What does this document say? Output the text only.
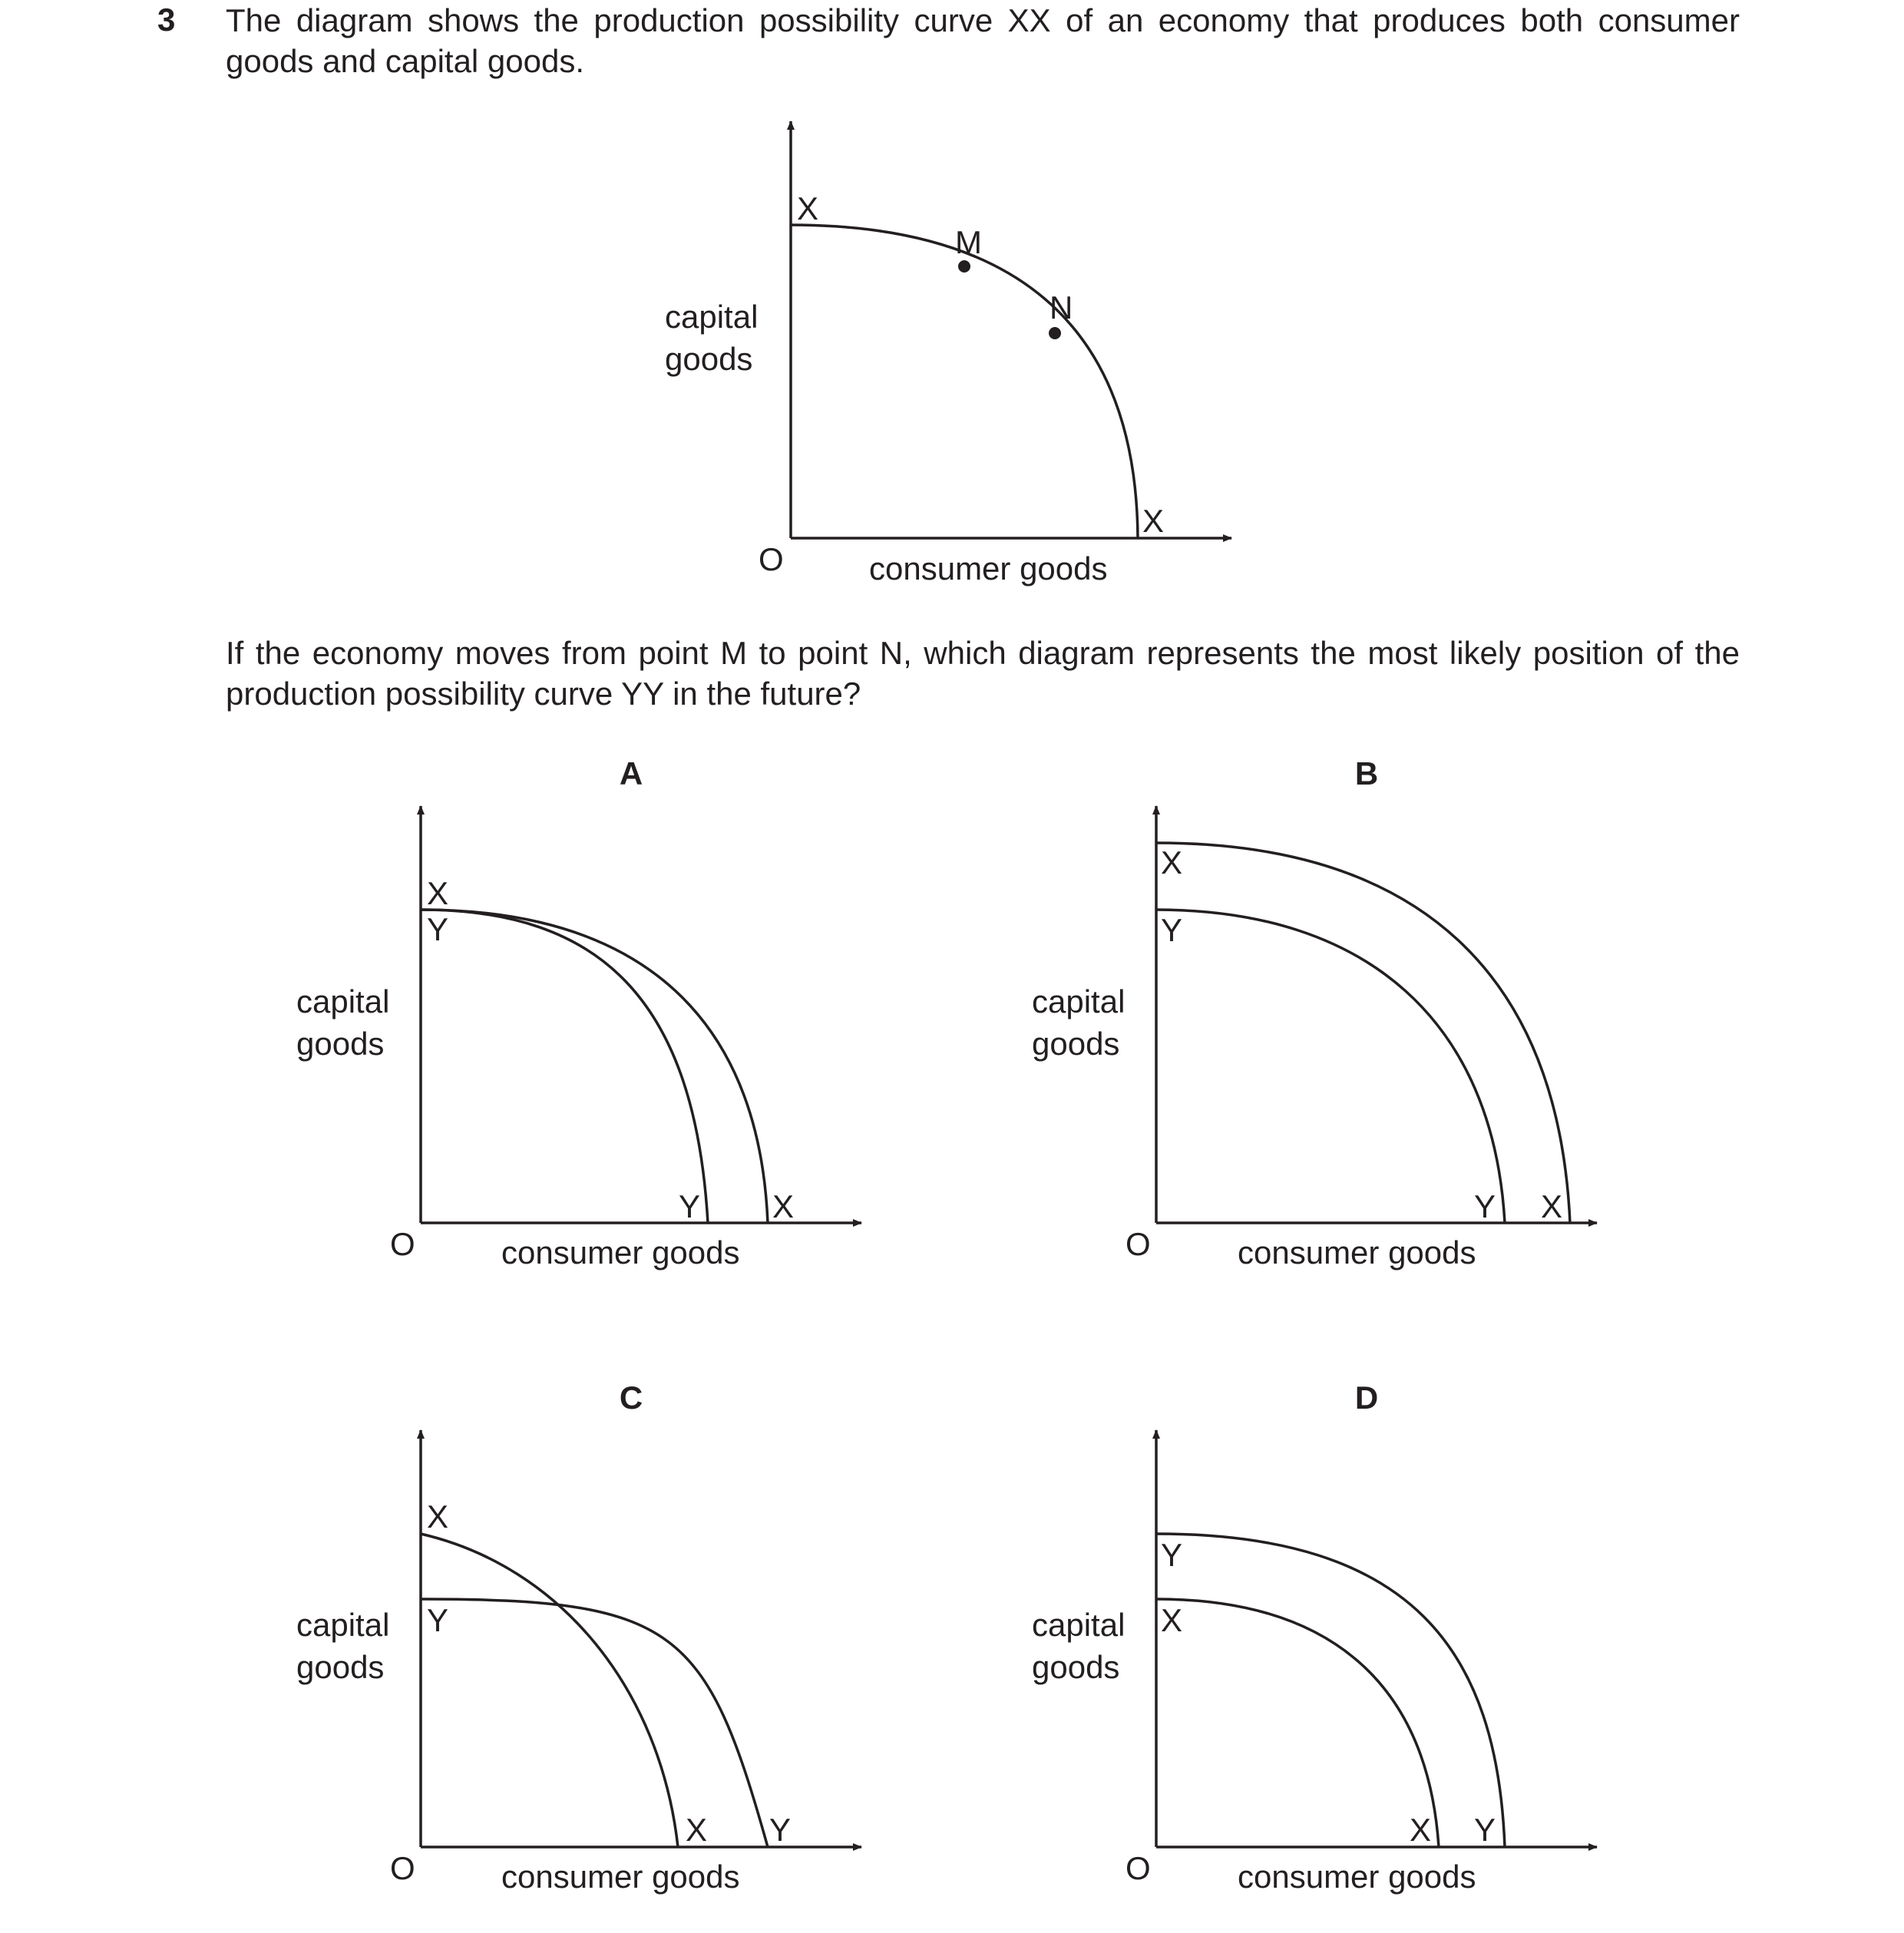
3 The diagram shows the production possibility curve XX of an economy that produces both consumer goods and capital goods.
If the economy moves from point M to point N, which diagram represents the most likely position of the production possibility curve YY in the future?
X
X
M
N
capital
goods
consumer goods
O
A
X
Y
Y X
capital
goods
consumer goods
O
B
X
Y
Y X
capital
goods
consumer goods
O
C
X
Y
X Y
capital
goods
consumer goods
O
D
Y
X
X Y
capital
goods
consumer goods
O
